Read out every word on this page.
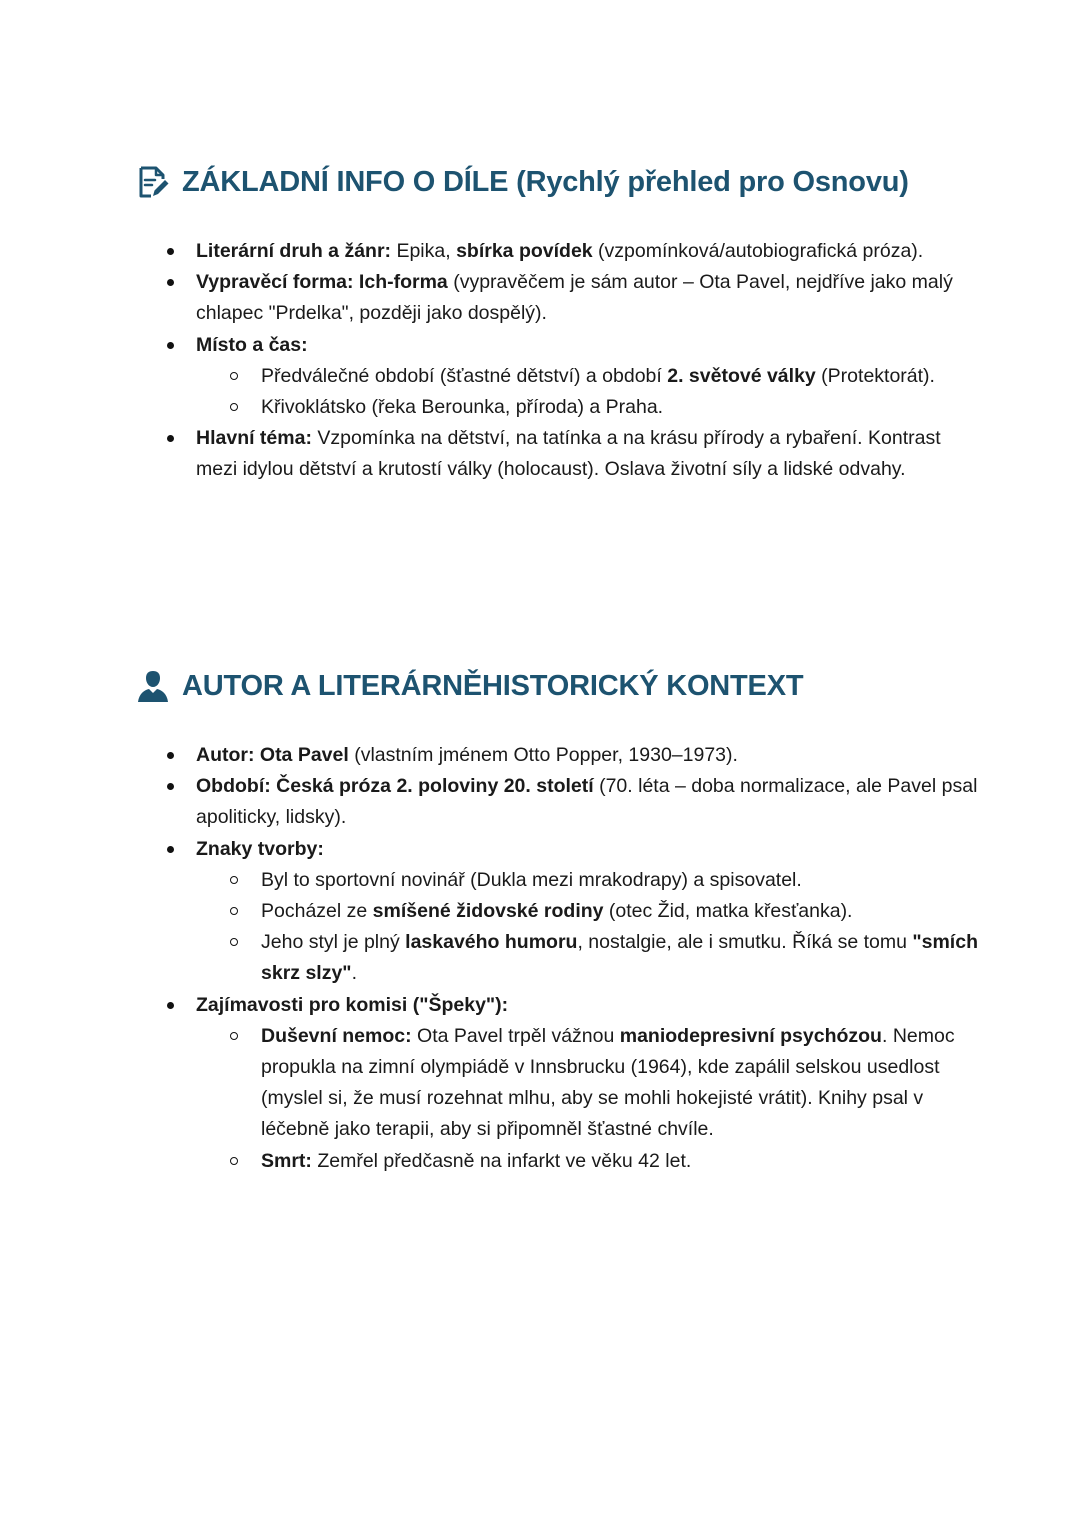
ZÁKLADNÍ INFO O DÍLE (Rychlý přehled pro Osnovu)
Literární druh a žánr: Epika, sbírka povídek (vzpomínková/autobiografická próza).
Vypravěcí forma: Ich-forma (vypravěčem je sám autor – Ota Pavel, nejdříve jako malý chlapec "Prdelka", později jako dospělý).
Místo a čas:
Předválečné období (šťastné dětství) a období 2. světové války (Protektorát).
Křivoklátsko (řeka Berounka, příroda) a Praha.
Hlavní téma: Vzpomínka na dětství, na tatínka a na krásu přírody a rybaření. Kontrast mezi idylou dětství a krutostí války (holocaust). Oslava životní síly a lidské odvahy.
AUTOR A LITERÁRNĚHISTORICKÝ KONTEXT
Autor: Ota Pavel (vlastním jménem Otto Popper, 1930–1973).
Období: Česká próza 2. poloviny 20. století (70. léta – doba normalizace, ale Pavel psal apoliticky, lidsky).
Znaky tvorby:
Byl to sportovní novinář (Dukla mezi mrakodrapy) a spisovatel.
Pocházel ze smíšené židovské rodiny (otec Žid, matka křesťanka).
Jeho styl je plný laskavého humoru, nostalgie, ale i smutku. Říká se tomu "smích skrz slzy".
Zajímavosti pro komisi ("Špeky"):
Duševní nemoc: Ota Pavel trpěl vážnou maniodepresivní psychózou. Nemoc propukla na zimní olympiádě v Innsbrucku (1964), kde zapálil selskou usedlost (myslel si, že musí rozehnat mlhu, aby se mohli hokejisté vrátit). Knihy psal v léčebně jako terapii, aby si připomněl šťastné chvíle.
Smrt: Zemřel předčasně na infarkt ve věku 42 let.
